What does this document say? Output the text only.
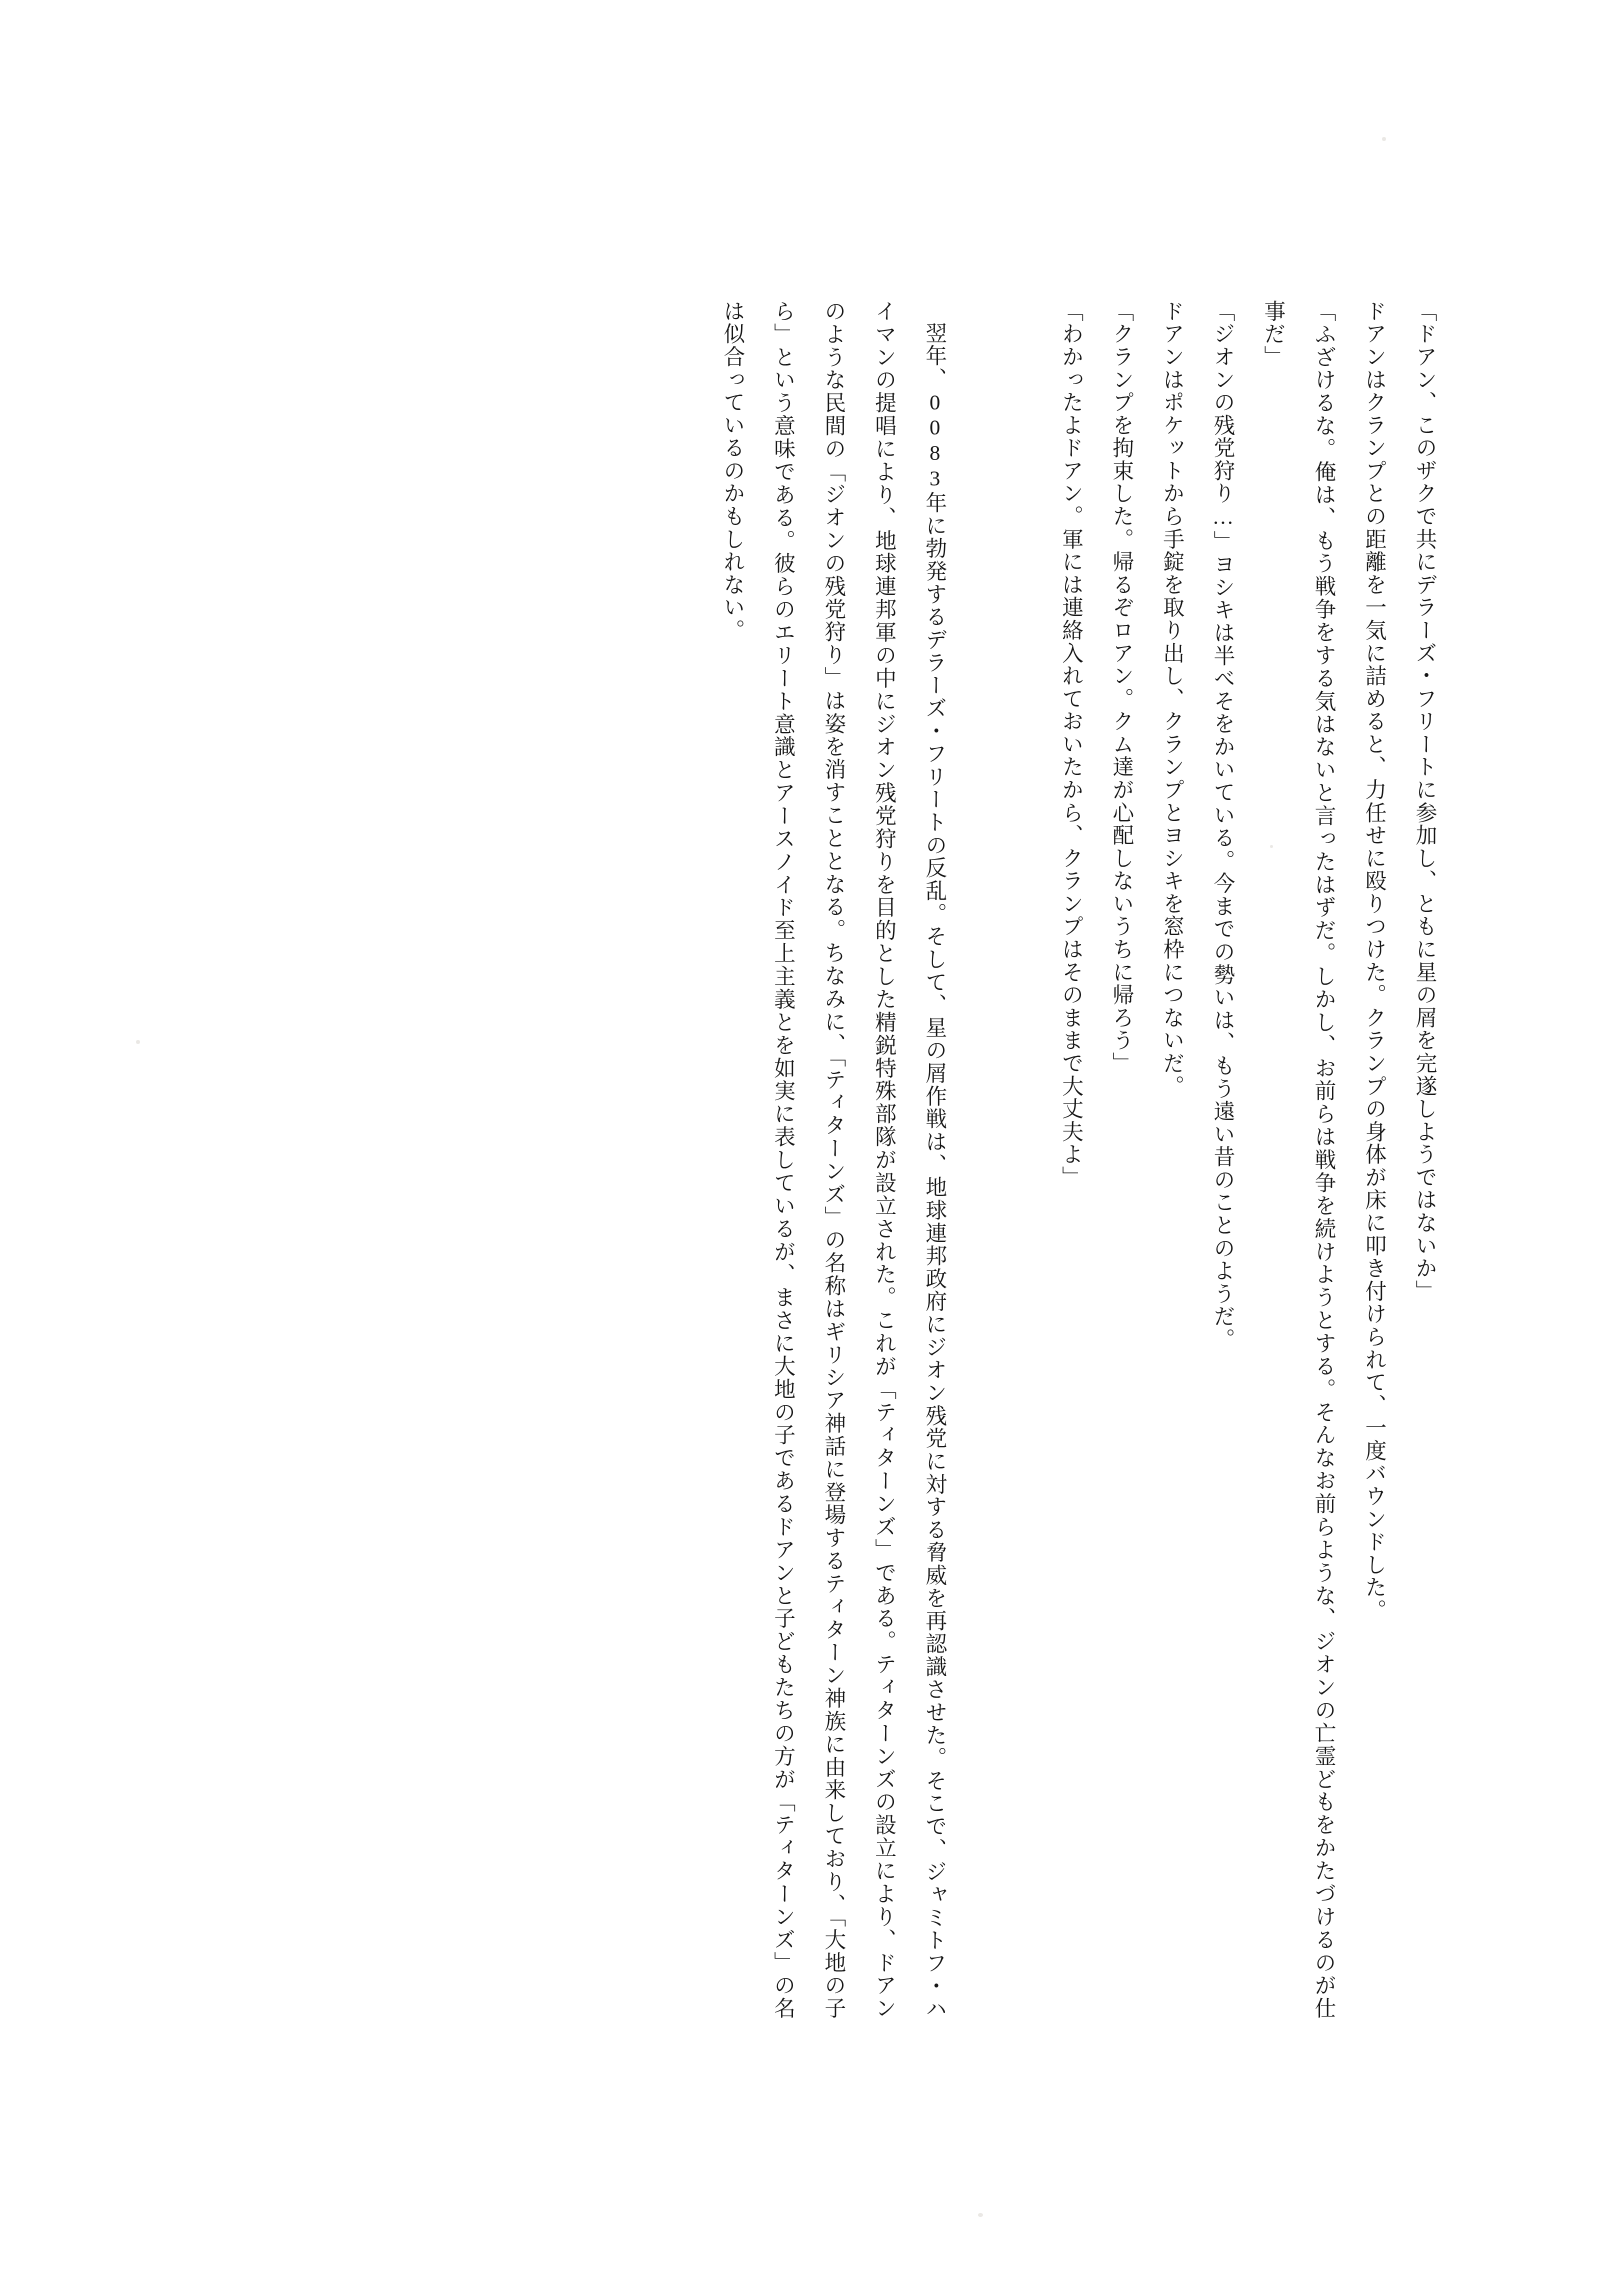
「ドアン、このザクで共にデラーズ・フリートに参加し、ともに星の屑を完遂しようではないか」

ドアンはクランプとの距離を一気に詰めると、力任せに殴りつけた。クランプの身体が床に叩き付けられて、一度バウンドした。

「ふざけるな。俺は、もう戦争をする気はないと言ったはずだ。しかし、お前らは戦争を続けようとする。そんなお前らような、ジオンの亡霊どもをかたづけるのが仕事だ」

「ジオンの残党狩り…」ヨシキは半べそをかいている。今までの勢いは、もう遠い昔のことのようだ。

ドアンはポケットから手錠を取り出し、クランプとヨシキを窓枠につないだ。

「クランプを拘束した。帰るぞロアン。クム達が心配しないうちに帰ろう」

「わかったよドアン。軍には連絡入れておいたから、クランプはそのままで大丈夫よ」

翌年、0083年に勃発するデラーズ・フリートの反乱。そして、星の屑作戦は、地球連邦政府にジオン残党に対する脅威を再認識させた。そこで、ジャミトフ・ハイマンの提唱により、地球連邦軍の中にジオン残党狩りを目的とした精鋭特殊部隊が設立された。これが「ティターンズ」である。ティターンズの設立により、ドアンのような民間の「ジオンの残党狩り」は姿を消すこととなる。ちなみに、「ティターンズ」の名称はギリシア神話に登場するティターン神族に由来しており、「大地の子ら」という意味である。彼らのエリート意識とアースノイド至上主義とを如実に表しているが、まさに大地の子であるドアンと子どもたちの方が「ティターンズ」の名は似合っているのかもしれない。
